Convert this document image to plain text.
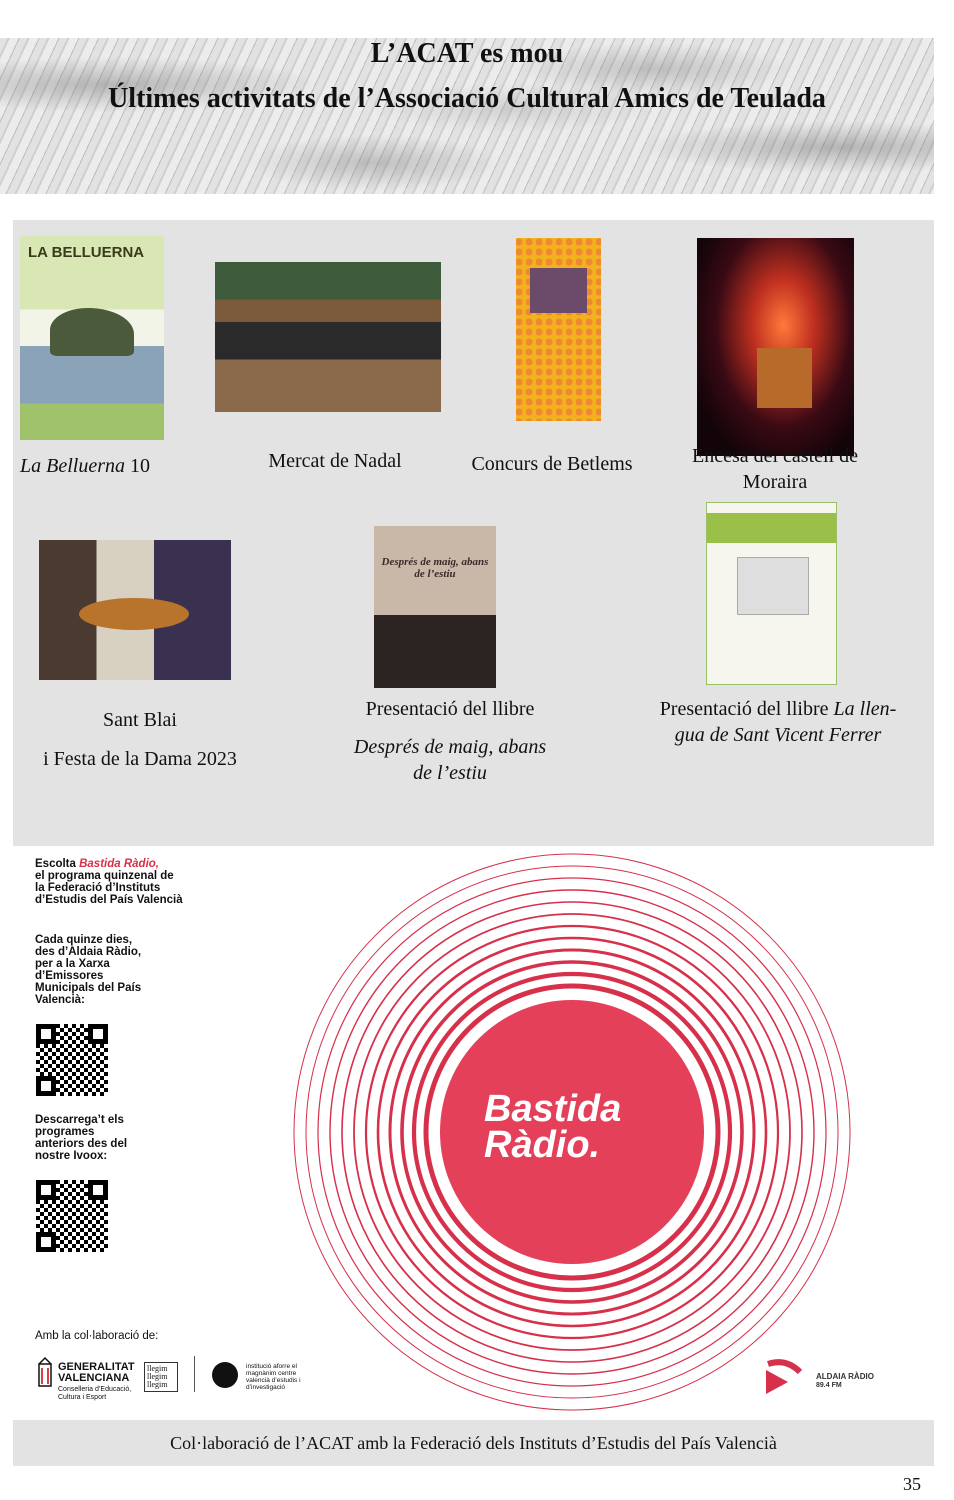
L’ACAT es mou
Últimes activitats de l’Associació Cultural Amics de Teulada
LA BELLUERNA
Després de maig, abans de l’estiu
La Belluerna 10	Mercat de Nadal	Concurs de Betlems	Encesa del castell de
Moraira
Sant Blai
i Festa de la Dama 2023
Presentació del llibre
Després de maig, abans
de l’estiu
Presentació del llibre La llen-
gua de Sant Vicent Ferrer
Escolta Bastida Ràdio,
el programa quinzenal de la Federació d’Instituts d’Estudis del País Valencià
Cada quinze dies, des d’Aldaia Ràdio, per a la Xarxa d’Emissores Municipals del País Valencià:
Descarrega’t els programes anteriors des del nostre Ivoox:
Amb la col·laboració de:
Bastida
Ràdio.
GENERALITAT VALENCIANA
Conselleria d’Educació, Cultura i Esport
llegim llegim llegim
institució aforre el magnànim centre valencià d’estudis i d’investigació
ALDAIA RÀDIO
89.4 FM
Col·laboració de l’ACAT amb la Federació dels Instituts d’Estudis del País Valencià
35
